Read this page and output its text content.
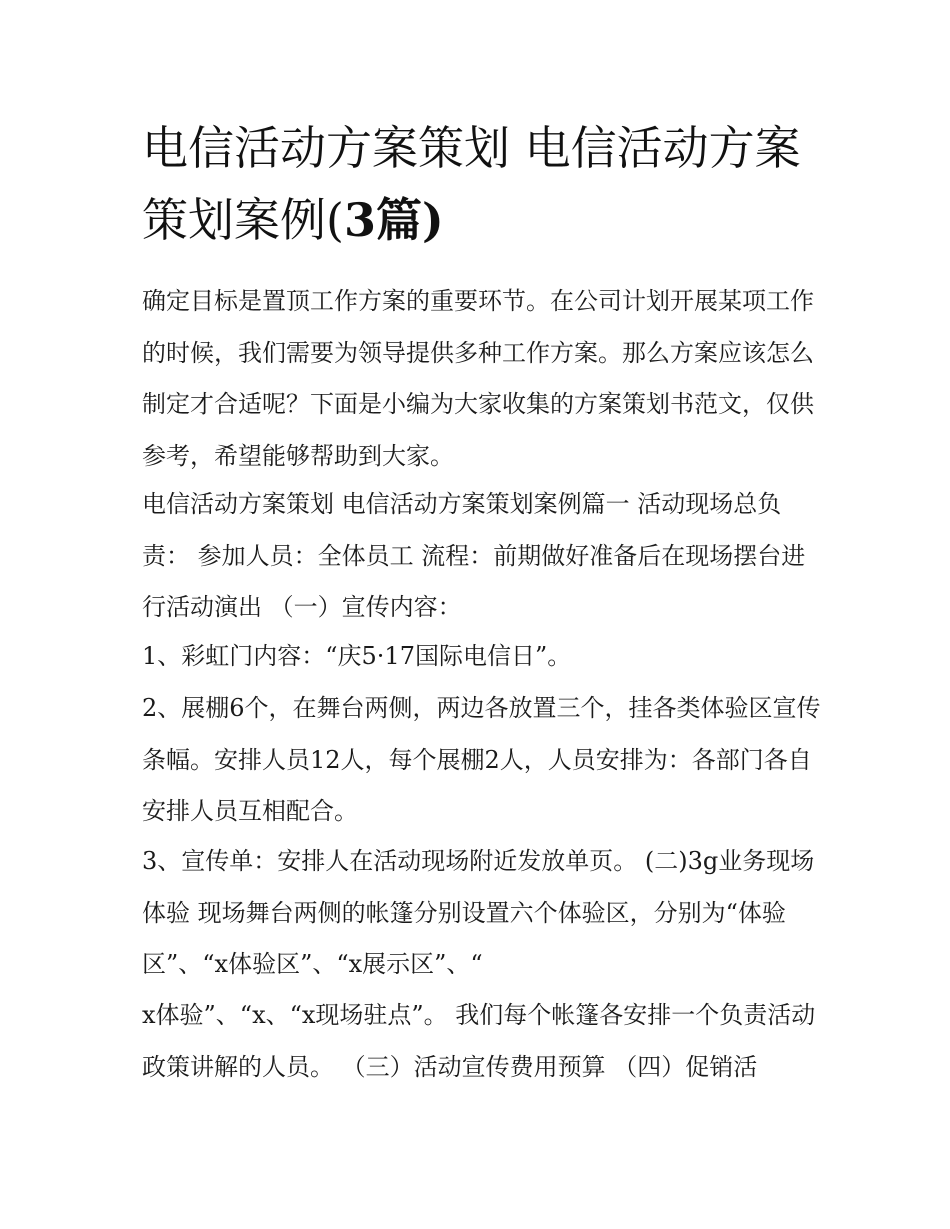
电信活动方案策划 电信活动方案策划案例(3篇)

确定目标是置顶工作方案的重要环节。在公司计划开展某项工作的时候，我们需要为领导提供多种工作方案。那么方案应该怎么制定才合适呢？下面是小编为大家收集的方案策划书范文，仅供参考，希望能够帮助到大家。

电信活动方案策划 电信活动方案策划案例篇一 活动现场总负责： 参加人员：全体员工 流程：前期做好准备后在现场摆台进行活动演出 （一）宣传内容：

1、彩虹门内容：“庆5·17国际电信日”。

2、展棚6个，在舞台两侧，两边各放置三个，挂各类体验区宣传条幅。安排人员12人，每个展棚2人，人员安排为：各部门各自安排人员互相配合。

3、宣传单：安排人在活动现场附近发放单页。 (二)3g业务现场体验 现场舞台两侧的帐篷分别设置六个体验区，分别为“体验区”、“x体验区”、“x展示区”、“

x体验”、“x、“x现场驻点”。 我们每个帐篷各安排一个负责活动政策讲解的人员。 （三）活动宣传费用预算 （四）促销活
